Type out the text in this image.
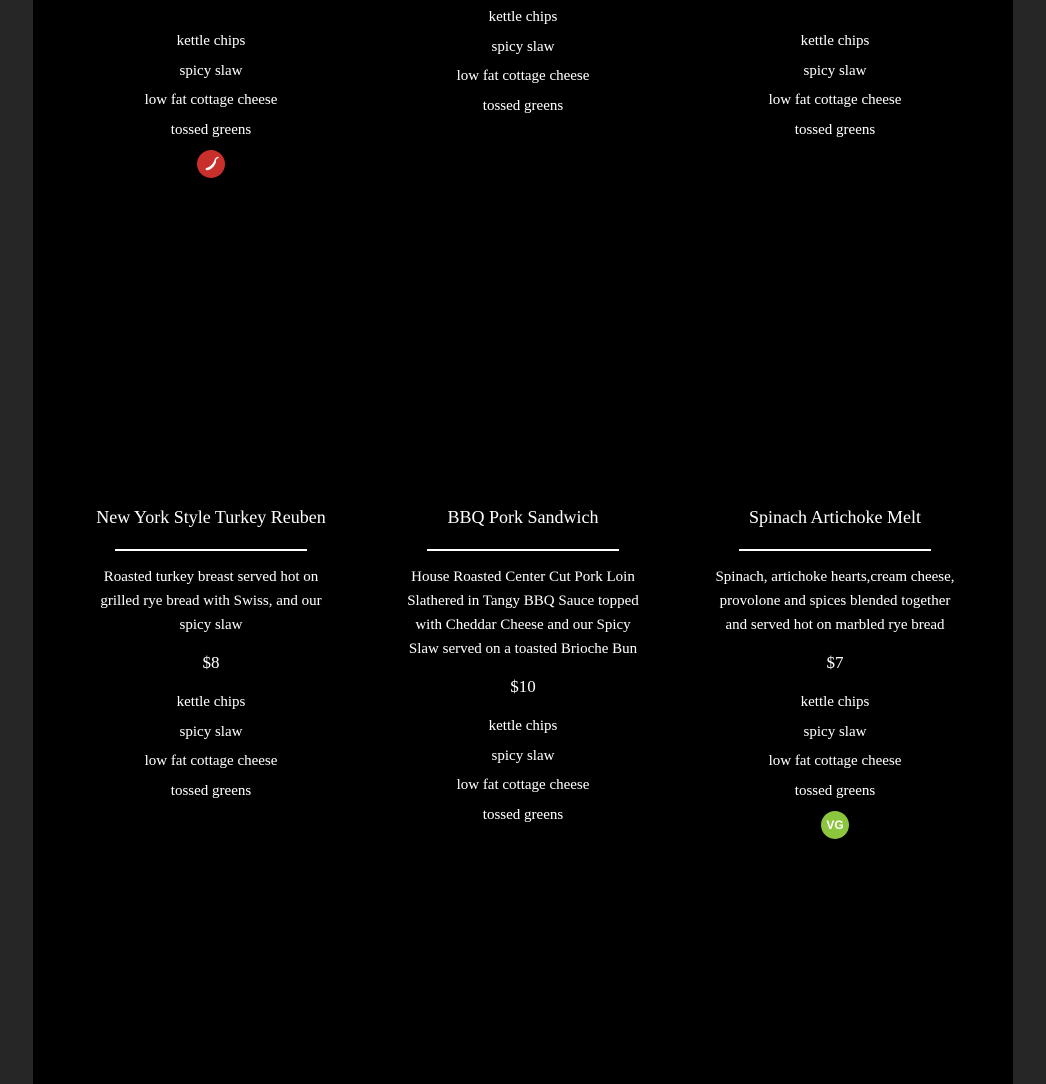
kettle chips
spicy slaw
low fat cottage cheese
tossed greens
kettle chips
spicy slaw
low fat cottage cheese
tossed greens
kettle chips
spicy slaw
low fat cottage cheese
tossed greens
New York Style Turkey Reuben

Roasted turkey breast served hot on grilled rye bread with Swiss, and our spicy slaw

$8

kettle chips
spicy slaw
low fat cottage cheese
tossed greens
BBQ Pork Sandwich

House Roasted Center Cut Pork Loin Slathered in Tangy BBQ Sauce topped with Cheddar Cheese and our Spicy Slaw served on a toasted Brioche Bun

$10

kettle chips
spicy slaw
low fat cottage cheese
tossed greens
Spinach Artichoke Melt

Spinach, artichoke hearts,cream cheese, provolone and spices blended together and served hot on marbled rye bread

$7

kettle chips
spicy slaw
low fat cottage cheese
tossed greens
VG
